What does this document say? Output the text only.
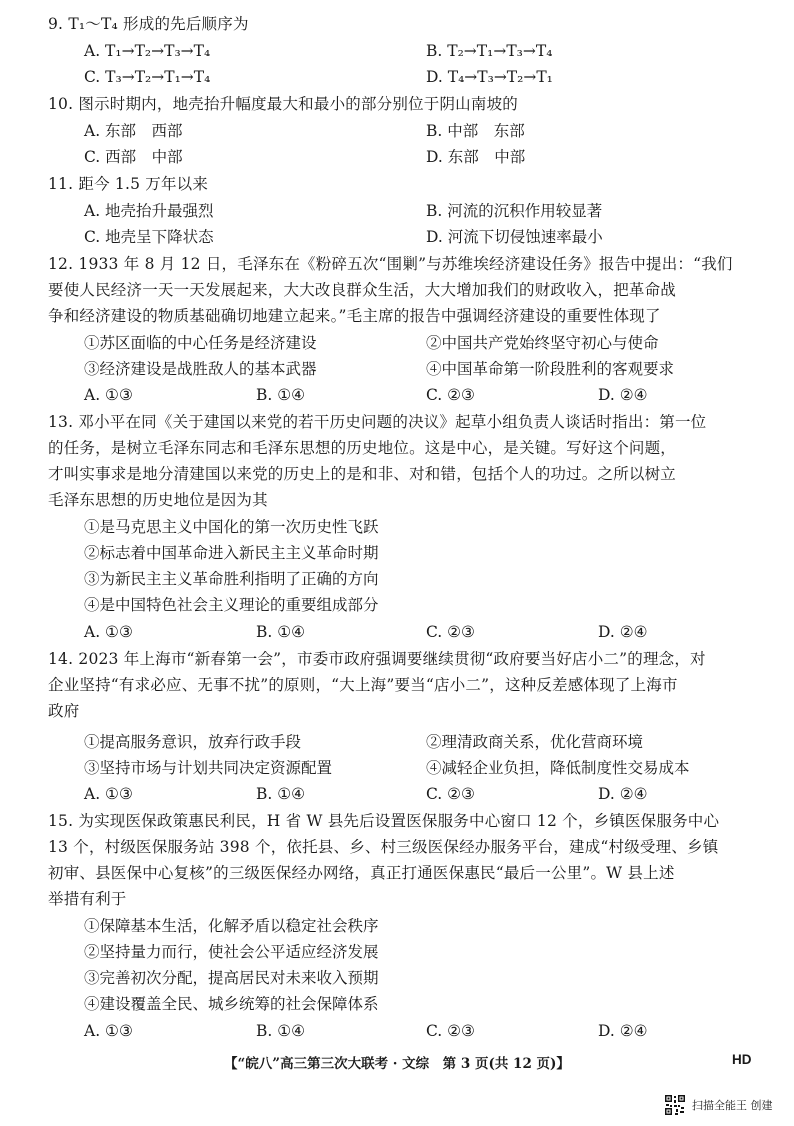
9. T₁～T₄ 形成的先后顺序为
A. T₁→T₂→T₃→T₄	B. T₂→T₁→T₃→T₄
C. T₃→T₂→T₁→T₄	D. T₄→T₃→T₂→T₁
10. 图示时期内，地壳抬升幅度最大和最小的部分别位于阴山南坡的
A. 东部　西部	B. 中部　东部
C. 西部　中部	D. 东部　中部
11. 距今 1.5 万年以来
A. 地壳抬升最强烈	B. 河流的沉积作用较显著
C. 地壳呈下降状态	D. 河流下切侵蚀速率最小
12. 1933 年 8 月 12 日，毛泽东在《粉碎五次“围剿”与苏维埃经济建设任务》报告中提出：“我们
要使人民经济一天一天发展起来，大大改良群众生活，大大增加我们的财政收入，把革命战
争和经济建设的物质基础确切地建立起来。”毛主席的报告中强调经济建设的重要性体现了
①苏区面临的中心任务是经济建设	②中国共产党始终坚守初心与使命
③经济建设是战胜敌人的基本武器	④中国革命第一阶段胜利的客观要求
A. ①③	B. ①④	C. ②③	D. ②④
13. 邓小平在同《关于建国以来党的若干历史问题的决议》起草小组负责人谈话时指出：第一位
的任务，是树立毛泽东同志和毛泽东思想的历史地位。这是中心，是关键。写好这个问题，
才叫实事求是地分清建国以来党的历史上的是和非、对和错，包括个人的功过。之所以树立
毛泽东思想的历史地位是因为其
①是马克思主义中国化的第一次历史性飞跃
②标志着中国革命进入新民主主义革命时期
③为新民主主义革命胜利指明了正确的方向
④是中国特色社会主义理论的重要组成部分
A. ①③	B. ①④	C. ②③	D. ②④
14. 2023 年上海市“新春第一会”，市委市政府强调要继续贯彻“政府要当好店小二”的理念，对
企业坚持“有求必应、无事不扰”的原则，“大上海”要当“店小二”，这种反差感体现了上海市
政府
①提高服务意识，放弃行政手段	②理清政商关系，优化营商环境
③坚持市场与计划共同决定资源配置	④减轻企业负担，降低制度性交易成本
A. ①③	B. ①④	C. ②③	D. ②④
15. 为实现医保政策惠民利民，H 省 W 县先后设置医保服务中心窗口 12 个，乡镇医保服务中心
13 个，村级医保服务站 398 个，依托县、乡、村三级医保经办服务平台，建成“村级受理、乡镇
初审、县医保中心复核”的三级医保经办网络，真正打通医保惠民“最后一公里”。W 县上述
举措有利于
①保障基本生活，化解矛盾以稳定社会秩序
②坚持量力而行，使社会公平适应经济发展
③完善初次分配，提高居民对未来收入预期
④建设覆盖全民、城乡统筹的社会保障体系
A. ①③	B. ①④	C. ②③	D. ②④
【“皖八”高三第三次大联考 · 文综　第 3 页(共 12 页)】	HD
扫描全能王 创建
